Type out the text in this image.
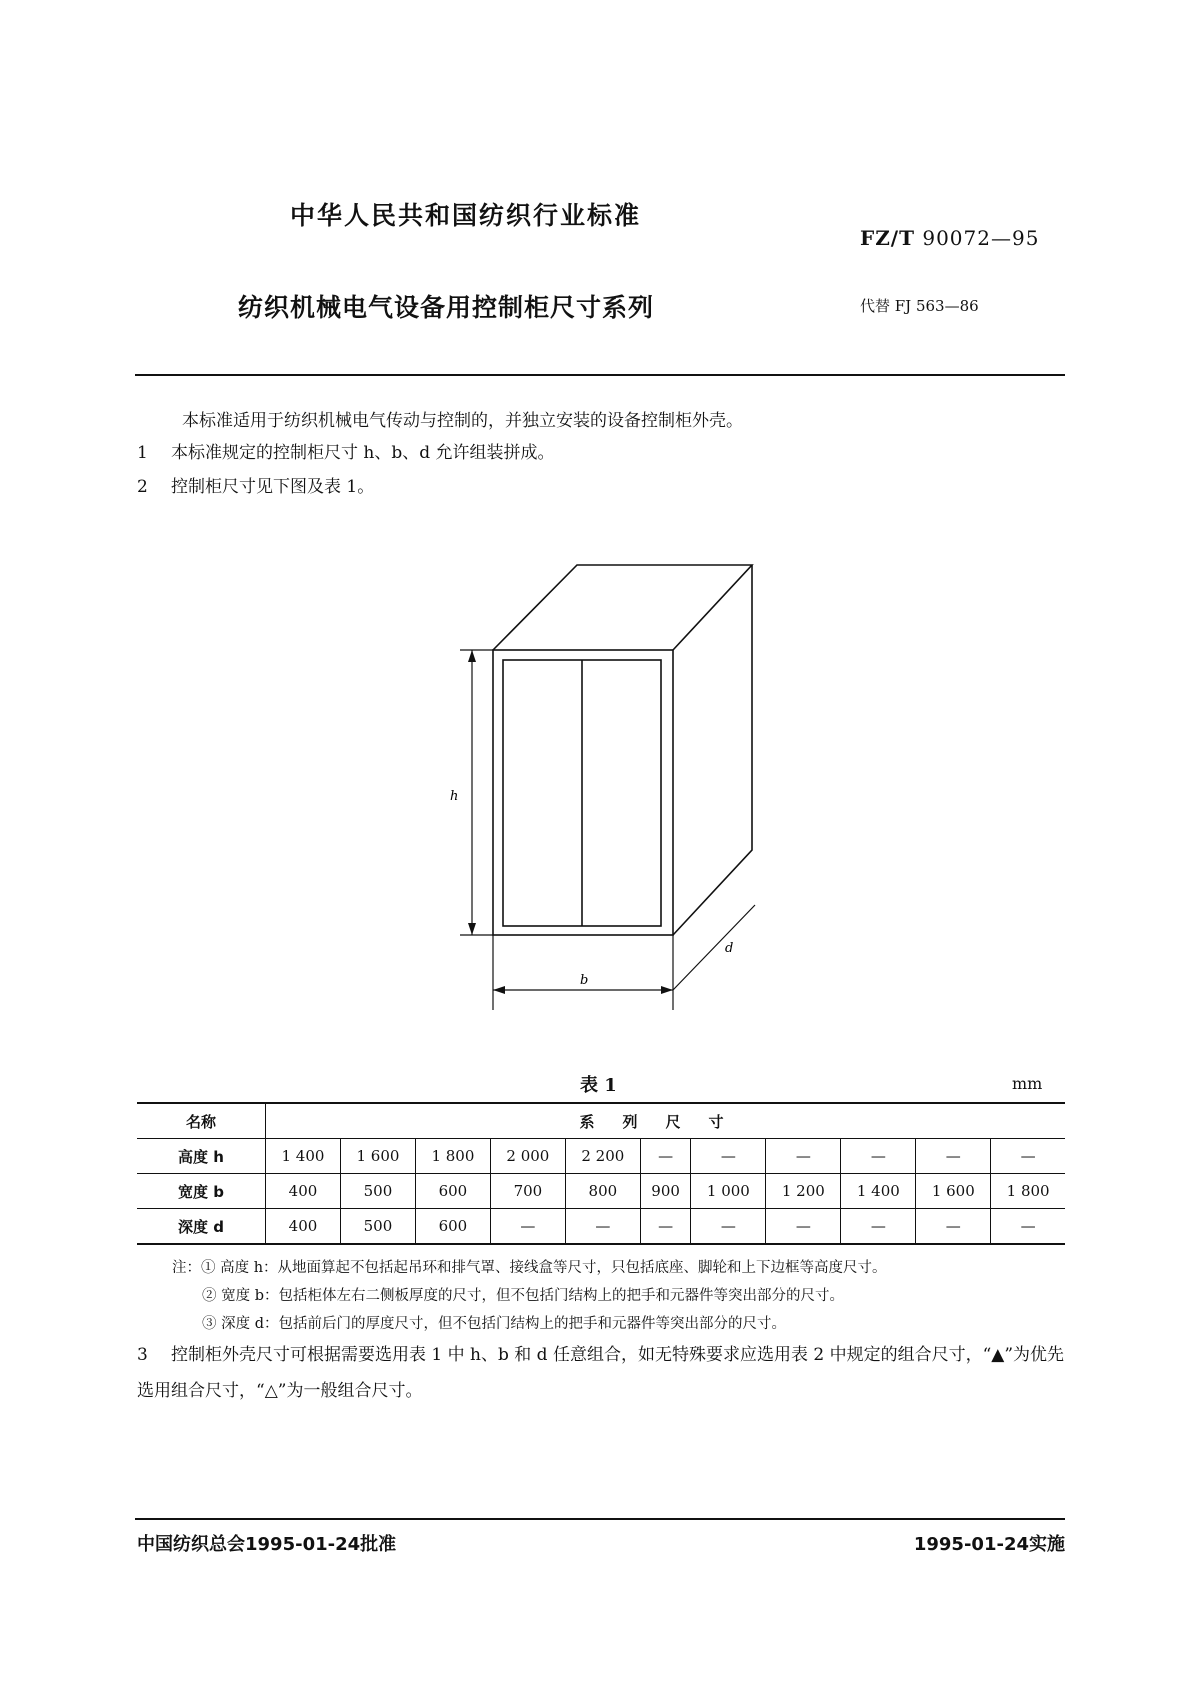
中华人民共和国纺织行业标准
FZ/T 90072—95
纺织机械电气设备用控制柜尺寸系列	代替 FJ 563—86
本标准适用于纺织机械电气传动与控制的，并独立安装的设备控制柜外壳。
1 本标准规定的控制柜尺寸 h、b、d 允许组装拼成。
2 控制柜尺寸见下图及表 1。
h
b
d
表 1	mm
名称	系列尺寸										
高度 h	1 400	1 600	1 800	2 000	2 200	—	—	—	—	—	—
宽度 b	400	500	600	700	800	900	1 000	1 200	1 400	1 600	1 800
深度 d	400	500	600	—	—	—	—	—	—	—	—
注：① 高度 h：从地面算起不包括起吊环和排气罩、接线盒等尺寸，只包括底座、脚轮和上下边框等高度尺寸。
② 宽度 b：包括柜体左右二侧板厚度的尺寸，但不包括门结构上的把手和元器件等突出部分的尺寸。
③ 深度 d：包括前后门的厚度尺寸，但不包括门结构上的把手和元器件等突出部分的尺寸。
3 控制柜外壳尺寸可根据需要选用表 1 中 h、b 和 d 任意组合，如无特殊要求应选用表 2 中规定的组合尺寸，“▲”为优先选用组合尺寸，“△”为一般组合尺寸。
中国纺织总会1995-01-24批准	1995-01-24实施
